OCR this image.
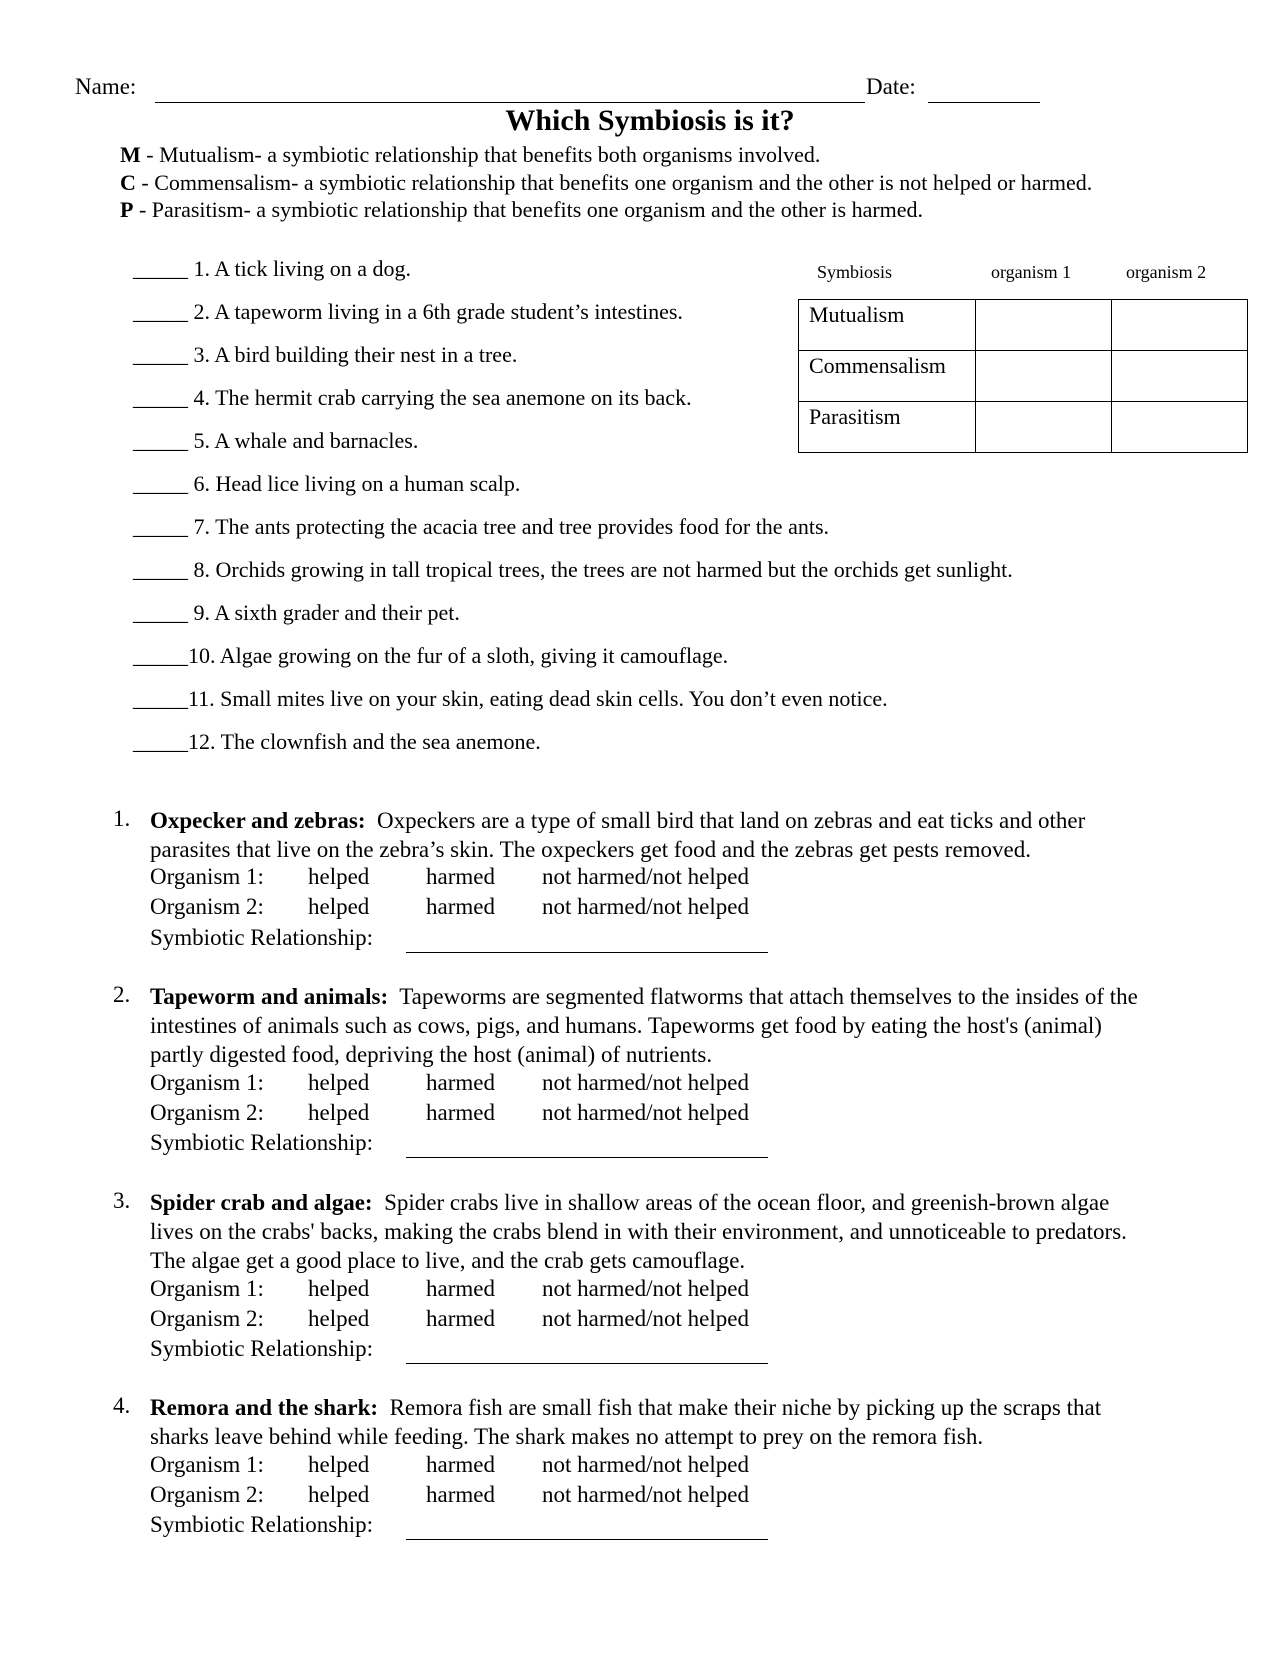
Name:	Date:
Which Symbiosis is it?
M - Mutualism- a symbiotic relationship that benefits both organisms involved.
C - Commensalism- a symbiotic relationship that benefits one organism and the other is not helped or harmed.
P - Parasitism- a symbiotic relationship that benefits one organism and the other is harmed.
_____ 1. A tick living on a dog.
_____ 2. A tapeworm living in a 6th grade student’s intestines.
_____ 3. A bird building their nest in a tree.
_____ 4. The hermit crab carrying the sea anemone on its back.
_____ 5. A whale and barnacles.
_____ 6. Head lice living on a human scalp.
_____ 7. The ants protecting the acacia tree and tree provides food for the ants.
_____ 8. Orchids growing in tall tropical trees, the trees are not harmed but the orchids get sunlight.
_____ 9. A sixth grader and their pet.
_____10. Algae growing on the fur of a sloth, giving it camouflage.
_____11. Small mites live on your skin, eating dead skin cells. You don’t even notice.
_____12. The clownfish and the sea anemone.
Symbiosis	organism 1	organism 2
Mutualism		
Commensalism		
Parasitism		
1. Oxpecker and zebras: Oxpeckers are a type of small bird that land on zebras and eat ticks and other
parasites that live on the zebra’s skin. The oxpeckers get food and the zebras get pests removed.
Organism 1: helped harmed not harmed/not helped
Organism 2: helped harmed not harmed/not helped
Symbiotic Relationship:
2. Tapeworm and animals: Tapeworms are segmented flatworms that attach themselves to the insides of the
intestines of animals such as cows, pigs, and humans. Tapeworms get food by eating the host's (animal)
partly digested food, depriving the host (animal) of nutrients.
Organism 1: helped harmed not harmed/not helped
Organism 2: helped harmed not harmed/not helped
Symbiotic Relationship:
3. Spider crab and algae: Spider crabs live in shallow areas of the ocean floor, and greenish-brown algae
lives on the crabs' backs, making the crabs blend in with their environment, and unnoticeable to predators.
The algae get a good place to live, and the crab gets camouflage.
Organism 1: helped harmed not harmed/not helped
Organism 2: helped harmed not harmed/not helped
Symbiotic Relationship:
4. Remora and the shark: Remora fish are small fish that make their niche by picking up the scraps that
sharks leave behind while feeding. The shark makes no attempt to prey on the remora fish.
Organism 1: helped harmed not harmed/not helped
Organism 2: helped harmed not harmed/not helped
Symbiotic Relationship:
